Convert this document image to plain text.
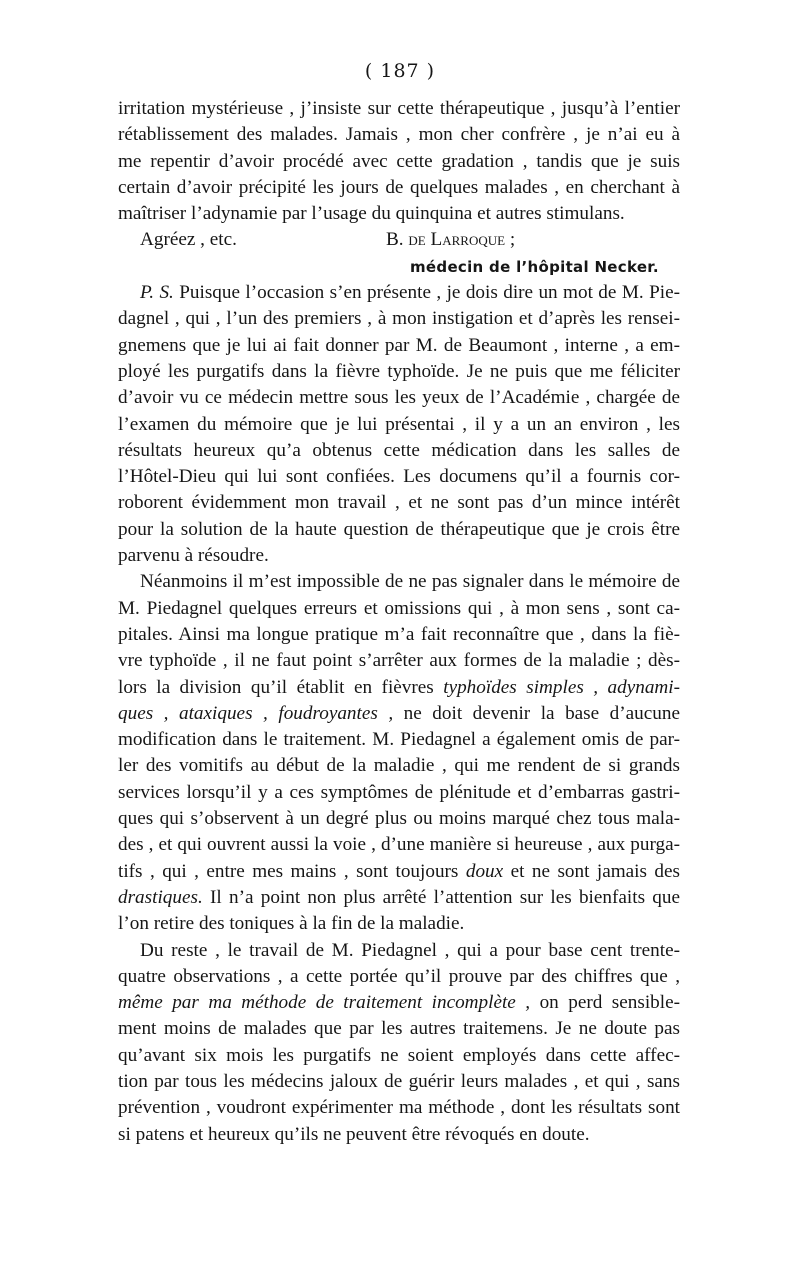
( 187 )
irritation mystérieuse , j’insiste sur cette thérapeutique , jusqu’à l’entier
rétablissement des malades. Jamais , mon cher confrère , je n’ai eu à
me repentir d’avoir procédé avec cette gradation , tandis que je suis
certain d’avoir précipité les jours de quelques malades , en cherchant à
maîtriser l’adynamie par l’usage du quinquina et autres stimulans.
Agréez , etc.	B. de Larroque ;
médecin de l’hôpital Necker.
P. S. Puisque l’occasion s’en présente , je dois dire un mot de M. Pie-
dagnel , qui , l’un des premiers , à mon instigation et d’après les rensei-
gnemens que je lui ai fait donner par M. de Beaumont , interne , a em-
ployé les purgatifs dans la fièvre typhoïde. Je ne puis que me féliciter
d’avoir vu ce médecin mettre sous les yeux de l’Académie , chargée de
l’examen du mémoire que je lui présentai , il y a un an environ , les
résultats heureux qu’a obtenus cette médication dans les salles de
l’Hôtel-Dieu qui lui sont confiées. Les documens qu’il a fournis cor-
roborent évidemment mon travail , et ne sont pas d’un mince intérêt
pour la solution de la haute question de thérapeutique que je crois être
parvenu à résoudre.
Néanmoins il m’est impossible de ne pas signaler dans le mémoire de
M. Piedagnel quelques erreurs et omissions qui , à mon sens , sont ca-
pitales. Ainsi ma longue pratique m’a fait reconnaître que , dans la fiè-
vre typhoïde , il ne faut point s’arrêter aux formes de la maladie ; dès-
lors la division qu’il établit en fièvres typhoïdes simples , adynami-
ques , ataxiques , foudroyantes , ne doit devenir la base d’aucune
modification dans le traitement. M. Piedagnel a également omis de par-
ler des vomitifs au début de la maladie , qui me rendent de si grands
services lorsqu’il y a ces symptômes de plénitude et d’embarras gastri-
ques qui s’observent à un degré plus ou moins marqué chez tous mala-
des , et qui ouvrent aussi la voie , d’une manière si heureuse , aux purga-
tifs , qui , entre mes mains , sont toujours doux et ne sont jamais des
drastiques. Il n’a point non plus arrêté l’attention sur les bienfaits que
l’on retire des toniques à la fin de la maladie.
Du reste , le travail de M. Piedagnel , qui a pour base cent trente-
quatre observations , a cette portée qu’il prouve par des chiffres que ,
même par ma méthode de traitement incomplète , on perd sensible-
ment moins de malades que par les autres traitemens. Je ne doute pas
qu’avant six mois les purgatifs ne soient employés dans cette affec-
tion par tous les médecins jaloux de guérir leurs malades , et qui , sans
prévention , voudront expérimenter ma méthode , dont les résultats sont
si patens et heureux qu’ils ne peuvent être révoqués en doute.
